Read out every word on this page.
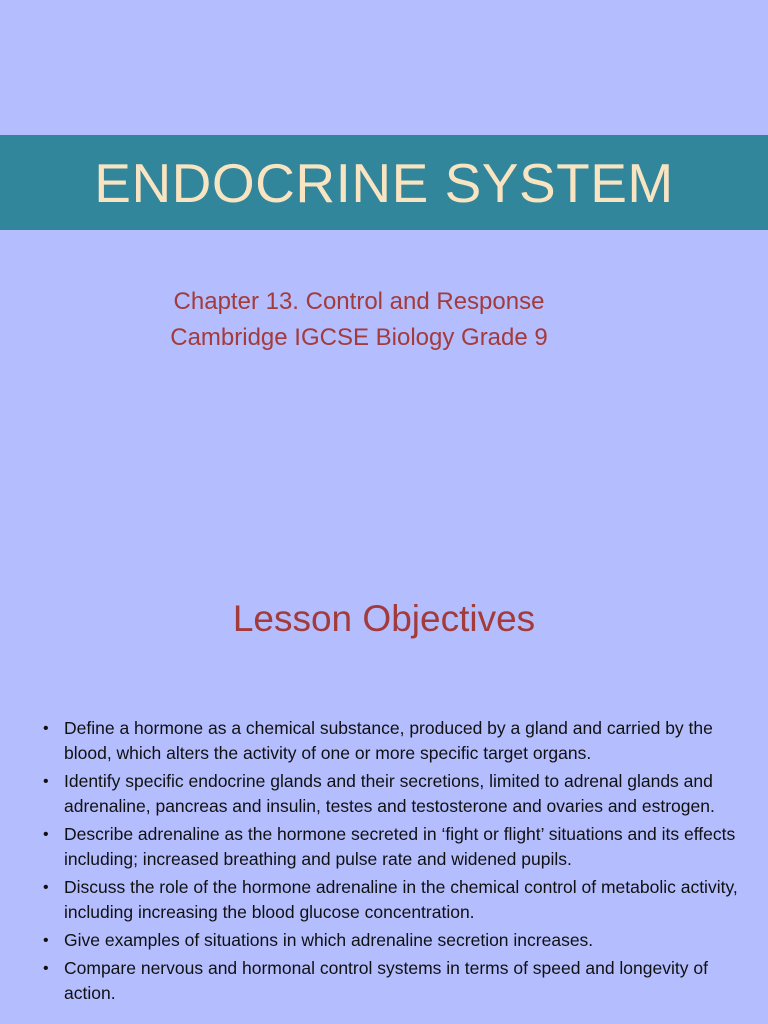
ENDOCRINE SYSTEM
Chapter 13. Control and Response
Cambridge IGCSE Biology Grade 9
Lesson Objectives
• Define a hormone as a chemical substance, produced by a gland and carried by the blood, which alters the activity of one or more specific target organs.
• Identify specific endocrine glands and their secretions, limited to adrenal glands and adrenaline, pancreas and insulin, testes and testosterone and ovaries and estrogen.
• Describe adrenaline as the hormone secreted in ‘fight or flight’ situations and its effects including; increased breathing and pulse rate and widened pupils.
• Discuss the role of the hormone adrenaline in the chemical control of metabolic activity, including increasing the blood glucose concentration.
• Give examples of situations in which adrenaline secretion increases.
• Compare nervous and hormonal control systems in terms of speed and longevity of action.
